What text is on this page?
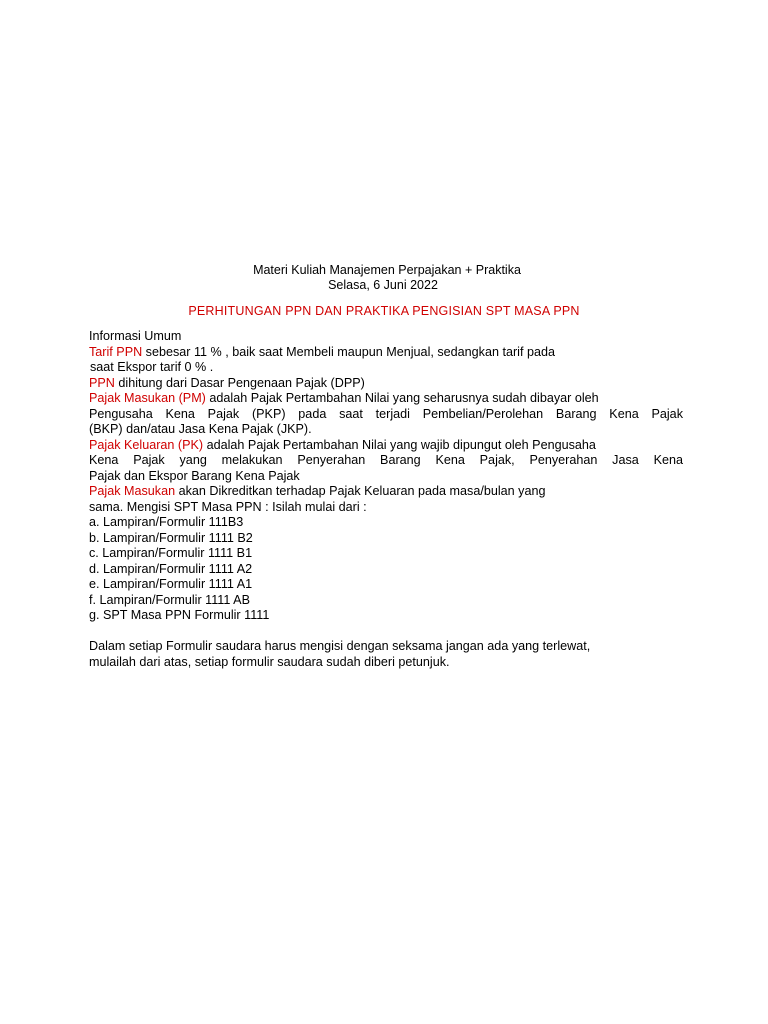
Materi Kuliah Manajemen Perpajakan + Praktika
Selasa, 6 Juni 2022
PERHITUNGAN PPN DAN PRAKTIKA PENGISIAN SPT MASA PPN
Informasi Umum
Tarif PPN sebesar 11 % , baik saat Membeli maupun Menjual, sedangkan tarif pada
saat Ekspor tarif 0 % .
PPN dihitung dari Dasar Pengenaan Pajak (DPP)
Pajak Masukan (PM) adalah Pajak Pertambahan Nilai yang seharusnya sudah dibayar oleh
Pengusaha Kena Pajak (PKP) pada saat terjadi Pembelian/Perolehan Barang Kena Pajak
(BKP) dan/atau Jasa Kena Pajak (JKP).
Pajak Keluaran (PK) adalah Pajak Pertambahan Nilai yang wajib dipungut oleh Pengusaha
Kena Pajak yang melakukan Penyerahan Barang Kena Pajak, Penyerahan Jasa Kena
Pajak dan Ekspor Barang Kena Pajak
Pajak Masukan akan Dikreditkan terhadap Pajak Keluaran pada masa/bulan yang
sama. Mengisi SPT Masa PPN : Isilah mulai dari :
a. Lampiran/Formulir 111B3
b. Lampiran/Formulir 1111 B2
c. Lampiran/Formulir 1111 B1
d. Lampiran/Formulir 1111 A2
e. Lampiran/Formulir 1111 A1
f. Lampiran/Formulir 1111 AB
g. SPT Masa PPN Formulir 1111
Dalam setiap Formulir saudara harus mengisi dengan seksama jangan ada yang terlewat,
mulailah dari atas, setiap formulir saudara sudah diberi petunjuk.
